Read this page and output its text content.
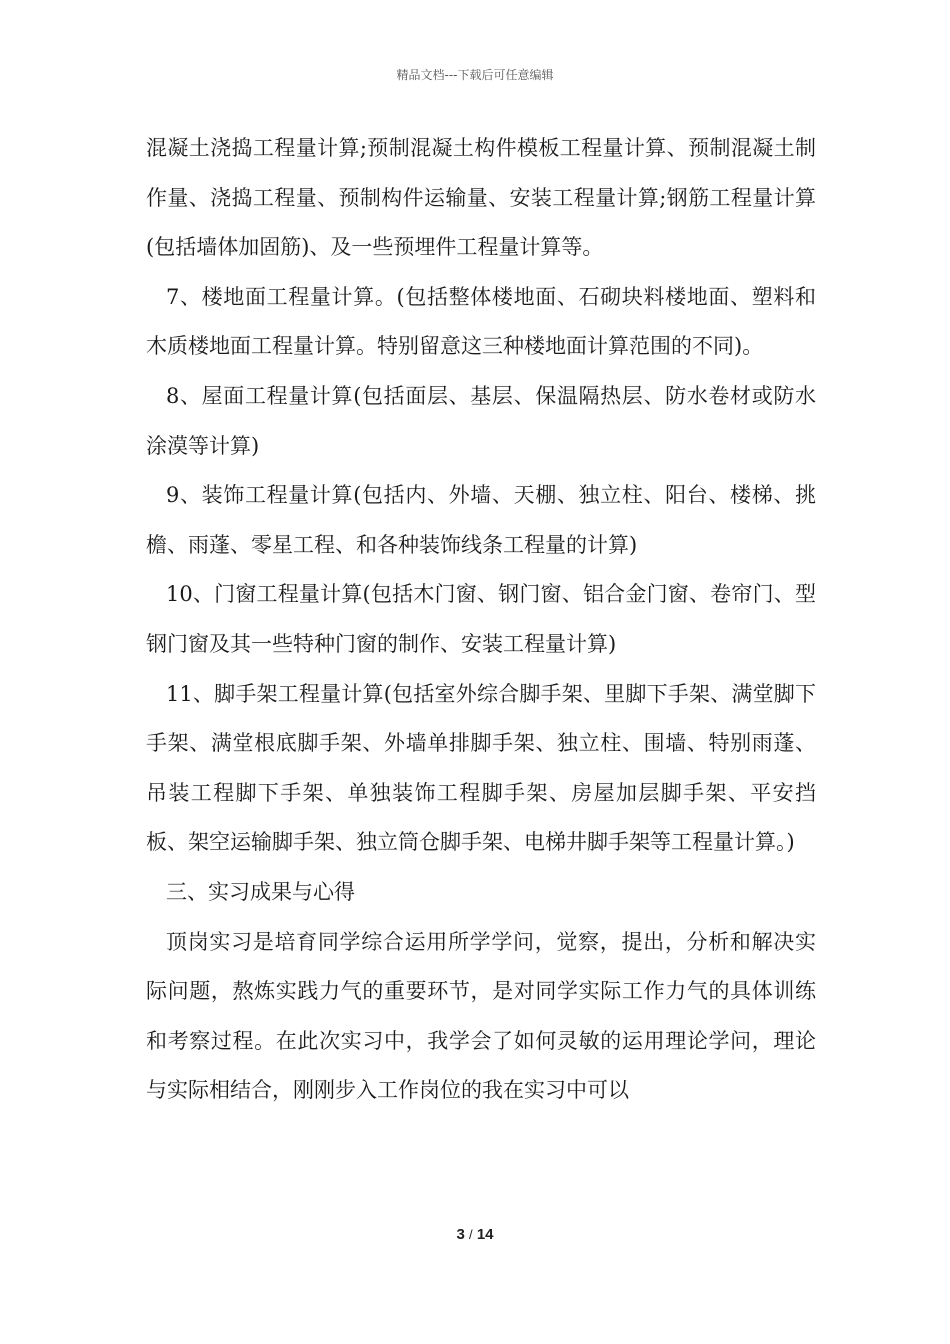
精品文档---下载后可任意编辑

混凝土浇捣工程量计算;预制混凝土构件模板工程量计算、预制混凝土制作量、浇捣工程量、预制构件运输量、安装工程量计算;钢筋工程量计算(包括墙体加固筋)、及一些预埋件工程量计算等。

7、楼地面工程量计算。(包括整体楼地面、石砌块料楼地面、塑料和木质楼地面工程量计算。特别留意这三种楼地面计算范围的不同)。

8、屋面工程量计算(包括面层、基层、保温隔热层、防水卷材或防水涂漠等计算)

9、装饰工程量计算(包括内、外墙、天棚、独立柱、阳台、楼梯、挑檐、雨蓬、零星工程、和各种装饰线条工程量的计算)

10、门窗工程量计算(包括木门窗、钢门窗、铝合金门窗、卷帘门、型钢门窗及其一些特种门窗的制作、安装工程量计算)

11、脚手架工程量计算(包括室外综合脚手架、里脚下手架、满堂脚下手架、满堂根底脚手架、外墙单排脚手架、独立柱、围墙、特别雨蓬、吊装工程脚下手架、单独装饰工程脚手架、房屋加层脚手架、平安挡板、架空运输脚手架、独立筒仓脚手架、电梯井脚手架等工程量计算。)

三、实习成果与心得

顶岗实习是培育同学综合运用所学学问，觉察，提出，分析和解决实际问题，熬炼实践力气的重要环节，是对同学实际工作力气的具体训练和考察过程。在此次实习中，我学会了如何灵敏的运用理论学问，理论与实际相结合，刚刚步入工作岗位的我在实习中可以

3 / 14
